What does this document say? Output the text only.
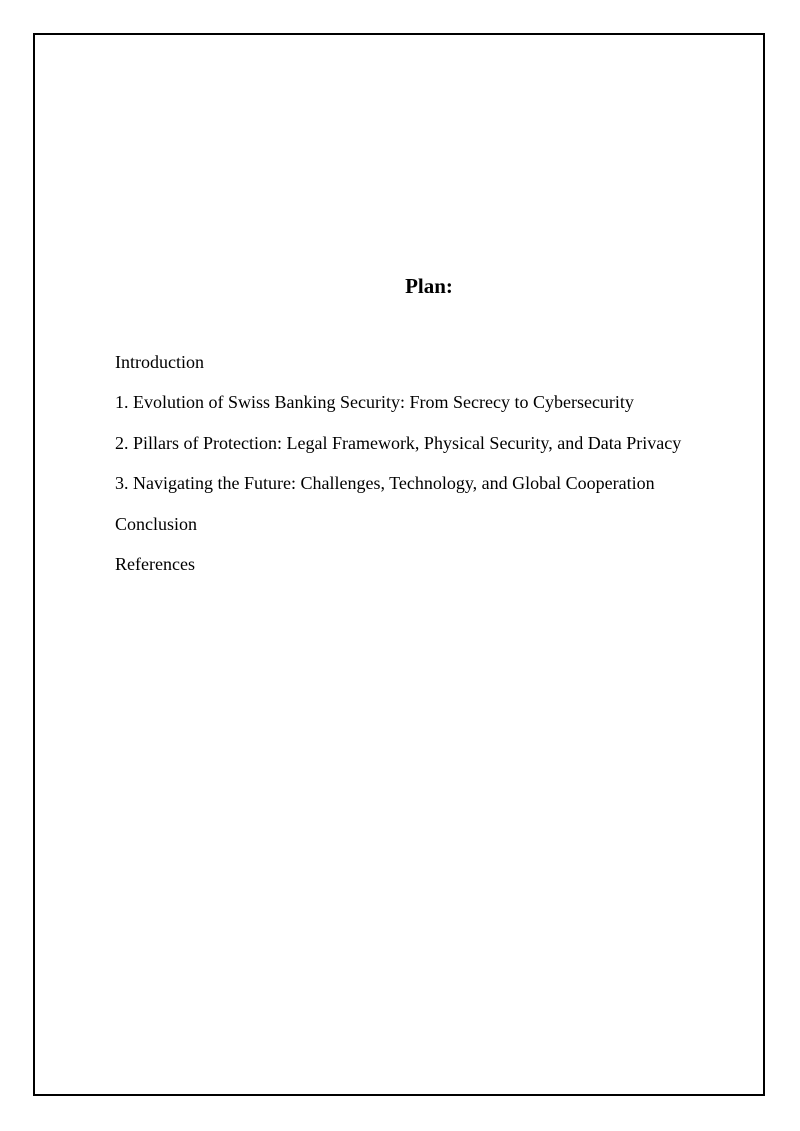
Plan:
Introduction
1. Evolution of Swiss Banking Security: From Secrecy to Cybersecurity
2. Pillars of Protection: Legal Framework, Physical Security, and Data Privacy
3. Navigating the Future: Challenges, Technology, and Global Cooperation
Conclusion
References
